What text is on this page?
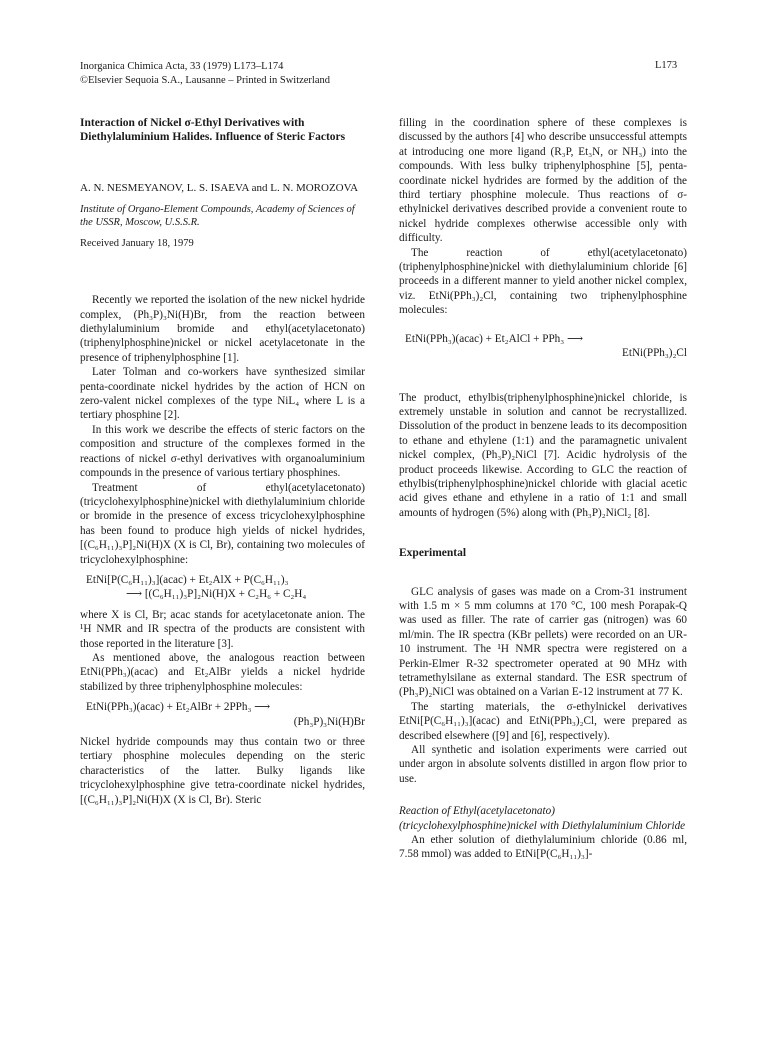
Inorganica Chimica Acta, 33 (1979) L173–L174
©Elsevier Sequoia S.A., Lausanne – Printed in Switzerland
L173

Interaction of Nickel σ-Ethyl Derivatives with Diethylaluminium Halides. Influence of Steric Factors

A. N. NESMEYANOV, L. S. ISAEVA and L. N. MOROZOVA
Institute of Organo-Element Compounds, Academy of Sciences of the USSR, Moscow, U.S.S.R.
Received January 18, 1979

Recently we reported the isolation of the new nickel hydride complex, (Ph₃P)₃Ni(H)Br, from the reaction between diethylaluminium bromide and ethyl(acetylacetonato)(triphenylphosphine)nickel or nickel acetylacetonate in the presence of triphenylphosphine [1].

Later Tolman and co-workers have synthesized similar penta-coordinate nickel hydrides by the action of HCN on zero-valent nickel complexes of the type NiL₄ where L is a tertiary phosphine [2].

In this work we describe the effects of steric factors on the composition and structure of the complexes formed in the reactions of nickel σ-ethyl derivatives with organoaluminium compounds in the presence of various tertiary phosphines.

Treatment of ethyl(acetylacetonato)(tricyclohexylphosphine)nickel with diethylaluminium chloride or bromide in the presence of excess tricyclohexylphosphine has been found to produce high yields of nickel hydrides, [(C₆H₁₁)₃P]₂Ni(H)X (X is Cl, Br), containing two molecules of tricyclohexylphosphine:

EtNi[P(C₆H₁₁)₃](acac) + Et₂AlX + P(C₆H₁₁)₃
⟶ [(C₆H₁₁)₃P]₂Ni(H)X + C₂H₆ + C₂H₄

where X is Cl, Br; acac stands for acetylacetonate anion. The ¹H NMR and IR spectra of the products are consistent with those reported in the literature [3].

As mentioned above, the analogous reaction between EtNi(PPh₃)(acac) and Et₂AlBr yields a nickel hydride stabilized by three triphenylphosphine molecules:

EtNi(PPh₃)(acac) + Et₂AlBr + 2PPh₃ ⟶
(Ph₃P)₃Ni(H)Br

Nickel hydride compounds may thus contain two or three tertiary phosphine molecules depending on the steric characteristics of the latter. Bulky ligands like tricyclohexylphosphine give tetra-coordinate nickel hydrides, [(C₆H₁₁)₃P]₂Ni(H)X (X is Cl, Br). Steric

filling in the coordination sphere of these complexes is discussed by the authors [4] who describe unsuccessful attempts at introducing one more ligand (R₃P, Et₃N, or NH₃) into the compounds. With less bulky triphenylphosphine [5], penta-coordinate nickel hydrides are formed by the addition of the third tertiary phosphine molecule. Thus reactions of σ-ethylnickel derivatives described provide a convenient route to nickel hydride complexes otherwise accessible only with difficulty.

The reaction of ethyl(acetylacetonato)(triphenylphosphine)nickel with diethylaluminium chloride [6] proceeds in a different manner to yield another nickel complex, viz. EtNi(PPh₃)₂Cl, containing two triphenylphosphine molecules:

EtNi(PPh₃)(acac) + Et₂AlCl + PPh₃ ⟶
EtNi(PPh₃)₂Cl

The product, ethylbis(triphenylphosphine)nickel chloride, is extremely unstable in solution and cannot be recrystallized. Dissolution of the product in benzene leads to its decomposition to ethane and ethylene (1:1) and the paramagnetic univalent nickel complex, (Ph₃P)₂NiCl [7]. Acidic hydrolysis of the product proceeds likewise. According to GLC the reaction of ethylbis(triphenylphosphine)nickel chloride with glacial acetic acid gives ethane and ethylene in a ratio of 1:1 and small amounts of hydrogen (5%) along with (Ph₃P)₂NiCl₂ [8].

Experimental

GLC analysis of gases was made on a Crom-31 instrument with 1.5 m × 5 mm columns at 170 °C, 100 mesh Porapak-Q was used as filler. The rate of carrier gas (nitrogen) was 60 ml/min. The IR spectra (KBr pellets) were recorded on an UR-10 instrument. The ¹H NMR spectra were registered on a Perkin-Elmer R-32 spectrometer operated at 90 MHz with tetramethylsilane as external standard. The ESR spectrum of (Ph₃P)₂NiCl was obtained on a Varian E-12 instrument at 77 K.

The starting materials, the σ-ethylnickel derivatives EtNi[P(C₆H₁₁)₃](acac) and EtNi(PPh₃)₂Cl, were prepared as described elsewhere ([9] and [6], respectively).

All synthetic and isolation experiments were carried out under argon in absolute solvents distilled in argon flow prior to use.

Reaction of Ethyl(acetylacetonato)(tricyclohexylphosphine)nickel with Diethylaluminium Chloride

An ether solution of diethylaluminium chloride (0.86 ml, 7.58 mmol) was added to EtNi[P(C₆H₁₁)₃]-
